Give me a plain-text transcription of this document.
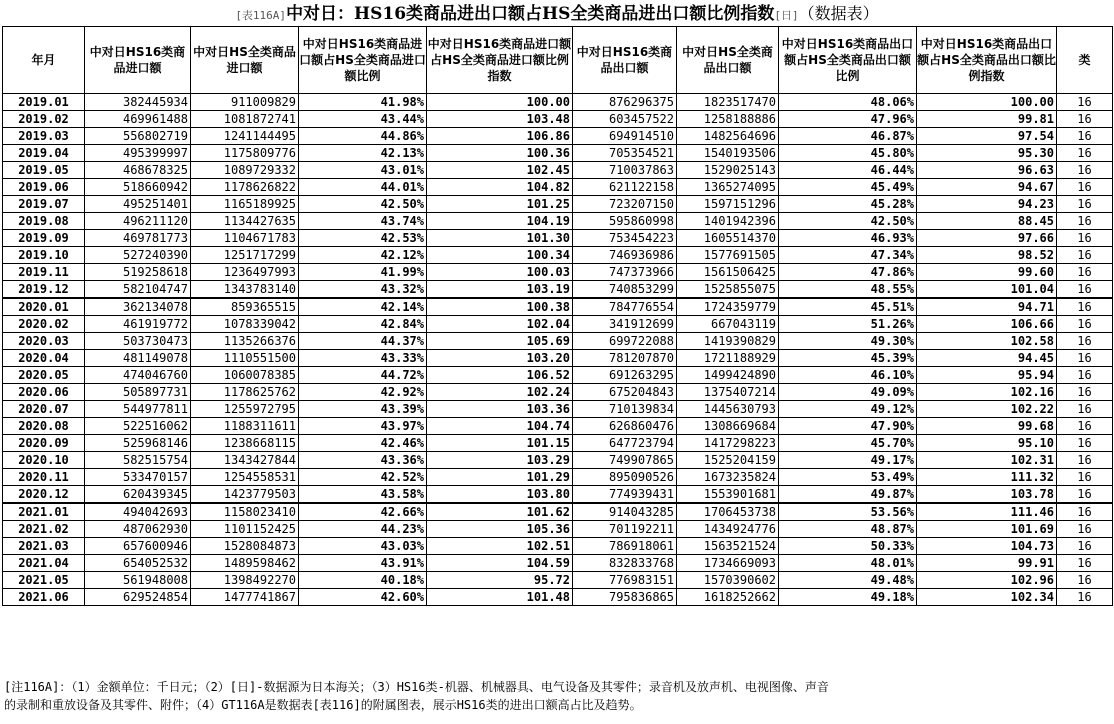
[表116A]中对日：HS16类商品进出口额占HS全类商品进出口额比例指数[日]（数据表）
年月	中对日HS16类商品进口额	中对日HS全类商品进口额	中对日HS16类商品进口额占HS全类商品进口额比例	中对日HS16类商品进口额占HS全类商品进口额比例指数	中对日HS16类商品出口额	中对日HS全类商品出口额	中对日HS16类商品出口额占HS全类商品出口额比例	中对日HS16类商品出口额占HS全类商品出口额比例指数	类
2019.01	382445934	911009829	41.98%	100.00	876296375	1823517470	48.06%	100.00	16
2019.02	469961488	1081872741	43.44%	103.48	603457522	1258188886	47.96%	99.81	16
2019.03	556802719	1241144495	44.86%	106.86	694914510	1482564696	46.87%	97.54	16
2019.04	495399997	1175809776	42.13%	100.36	705354521	1540193506	45.80%	95.30	16
2019.05	468678325	1089729332	43.01%	102.45	710037863	1529025143	46.44%	96.63	16
2019.06	518660942	1178626822	44.01%	104.82	621122158	1365274095	45.49%	94.67	16
2019.07	495251401	1165189925	42.50%	101.25	723207150	1597151296	45.28%	94.23	16
2019.08	496211120	1134427635	43.74%	104.19	595860998	1401942396	42.50%	88.45	16
2019.09	469781773	1104671783	42.53%	101.30	753454223	1605514370	46.93%	97.66	16
2019.10	527240390	1251717299	42.12%	100.34	746936986	1577691505	47.34%	98.52	16
2019.11	519258618	1236497993	41.99%	100.03	747373966	1561506425	47.86%	99.60	16
2019.12	582104747	1343783140	43.32%	103.19	740853299	1525855075	48.55%	101.04	16
2020.01	362134078	859365515	42.14%	100.38	784776554	1724359779	45.51%	94.71	16
2020.02	461919772	1078339042	42.84%	102.04	341912699	667043119	51.26%	106.66	16
2020.03	503730473	1135266376	44.37%	105.69	699722088	1419390829	49.30%	102.58	16
2020.04	481149078	1110551500	43.33%	103.20	781207870	1721188929	45.39%	94.45	16
2020.05	474046760	1060078385	44.72%	106.52	691263295	1499424890	46.10%	95.94	16
2020.06	505897731	1178625762	42.92%	102.24	675204843	1375407214	49.09%	102.16	16
2020.07	544977811	1255972795	43.39%	103.36	710139834	1445630793	49.12%	102.22	16
2020.08	522516062	1188311611	43.97%	104.74	626860476	1308669684	47.90%	99.68	16
2020.09	525968146	1238668115	42.46%	101.15	647723794	1417298223	45.70%	95.10	16
2020.10	582515754	1343427844	43.36%	103.29	749907865	1525204159	49.17%	102.31	16
2020.11	533470157	1254558531	42.52%	101.29	895090526	1673235824	53.49%	111.32	16
2020.12	620439345	1423779503	43.58%	103.80	774939431	1553901681	49.87%	103.78	16
2021.01	494042693	1158023410	42.66%	101.62	914043285	1706453738	53.56%	111.46	16
2021.02	487062930	1101152425	44.23%	105.36	701192211	1434924776	48.87%	101.69	16
2021.03	657600946	1528084873	43.03%	102.51	786918061	1563521524	50.33%	104.73	16
2021.04	654052532	1489598462	43.91%	104.59	832833768	1734669093	48.01%	99.91	16
2021.05	561948008	1398492270	40.18%	95.72	776983151	1570390602	49.48%	102.96	16
2021.06	629524854	1477741867	42.60%	101.48	795836865	1618252662	49.18%	102.34	16
[注116A]：（1）金额单位：千日元；（2）[日]-数据源为日本海关；（3）HS16类-机器、机械器具、电气设备及其零件；录音机及放声机、电视图像、声音
的录制和重放设备及其零件、附件；（4）GT116A是数据表[表116]的附属图表，展示HS16类的进出口额高占比及趋势。
